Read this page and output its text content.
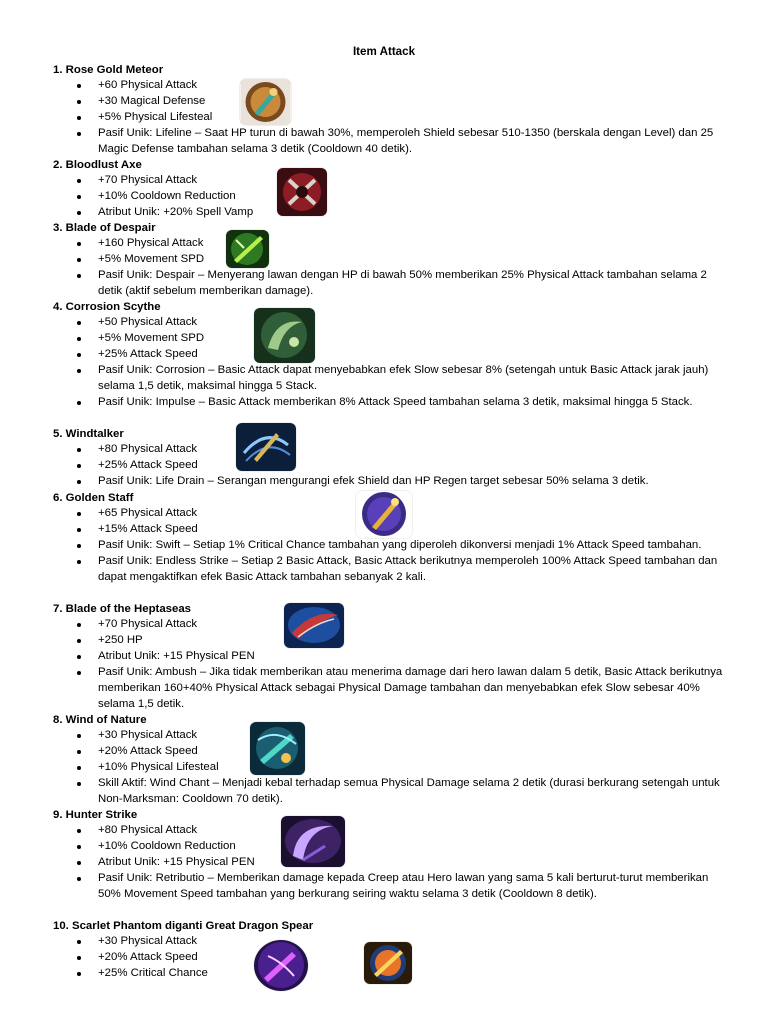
Item Attack
1. Rose Gold Meteor
+60 Physical Attack
+30 Magical Defense
+5% Physical Lifesteal
Pasif Unik: Lifeline – Saat HP turun di bawah 30%, memperoleh Shield sebesar 510-1350 (berskala dengan Level) dan 25 Magic Defense tambahan selama 3 detik (Cooldown 40 detik).
2. Bloodlust Axe
+70 Physical Attack
+10% Cooldown Reduction
Atribut Unik: +20% Spell Vamp
3. Blade of Despair
+160 Physical Attack
+5% Movement SPD
Pasif Unik: Despair – Menyerang lawan dengan HP di bawah 50% memberikan 25% Physical Attack tambahan selama 2 detik (aktif sebelum memberikan damage).
4. Corrosion Scythe
+50 Physical Attack
+5% Movement SPD
+25% Attack Speed
Pasif Unik: Corrosion – Basic Attack dapat menyebabkan efek Slow sebesar 8% (setengah untuk Basic Attack jarak jauh) selama 1,5 detik, maksimal hingga 5 Stack.
Pasif Unik: Impulse – Basic Attack memberikan 8% Attack Speed tambahan selama 3 detik, maksimal hingga 5 Stack.
5. Windtalker
+80 Physical Attack
+25% Attack Speed
Pasif Unik: Life Drain – Serangan mengurangi efek Shield dan HP Regen target sebesar 50% selama 3 detik.
6. Golden Staff
+65 Physical Attack
+15% Attack Speed
Pasif Unik: Swift – Setiap 1% Critical Chance tambahan yang diperoleh dikonversi menjadi 1% Attack Speed tambahan.
Pasif Unik: Endless Strike – Setiap 2 Basic Attack, Basic Attack berikutnya memperoleh 100% Attack Speed tambahan dan dapat mengaktifkan efek Basic Attack tambahan sebanyak 2 kali.
7. Blade of the Heptaseas
+70 Physical Attack
+250 HP
Atribut Unik: +15 Physical PEN
Pasif Unik: Ambush – Jika tidak memberikan atau menerima damage dari hero lawan dalam 5 detik, Basic Attack berikutnya memberikan 160+40% Physical Attack sebagai Physical Damage tambahan dan menyebabkan efek Slow sebesar 40% selama 1,5 detik.
8. Wind of Nature
+30 Physical Attack
+20% Attack Speed
+10% Physical Lifesteal
Skill Aktif: Wind Chant – Menjadi kebal terhadap semua Physical Damage selama 2 detik (durasi berkurang setengah untuk Non-Marksman: Cooldown 70 detik).
9. Hunter Strike
+80 Physical Attack
+10% Cooldown Reduction
Atribut Unik: +15 Physical PEN
Pasif Unik: Retributio – Memberikan damage kepada Creep atau Hero lawan yang sama 5 kali berturut-turut memberikan 50% Movement Speed tambahan yang berkurang seiring waktu selama 3 detik (Cooldown 8 detik).
10. Scarlet Phantom diganti Great Dragon Spear
+30 Physical Attack
+20% Attack Speed
+25% Critical Chance
